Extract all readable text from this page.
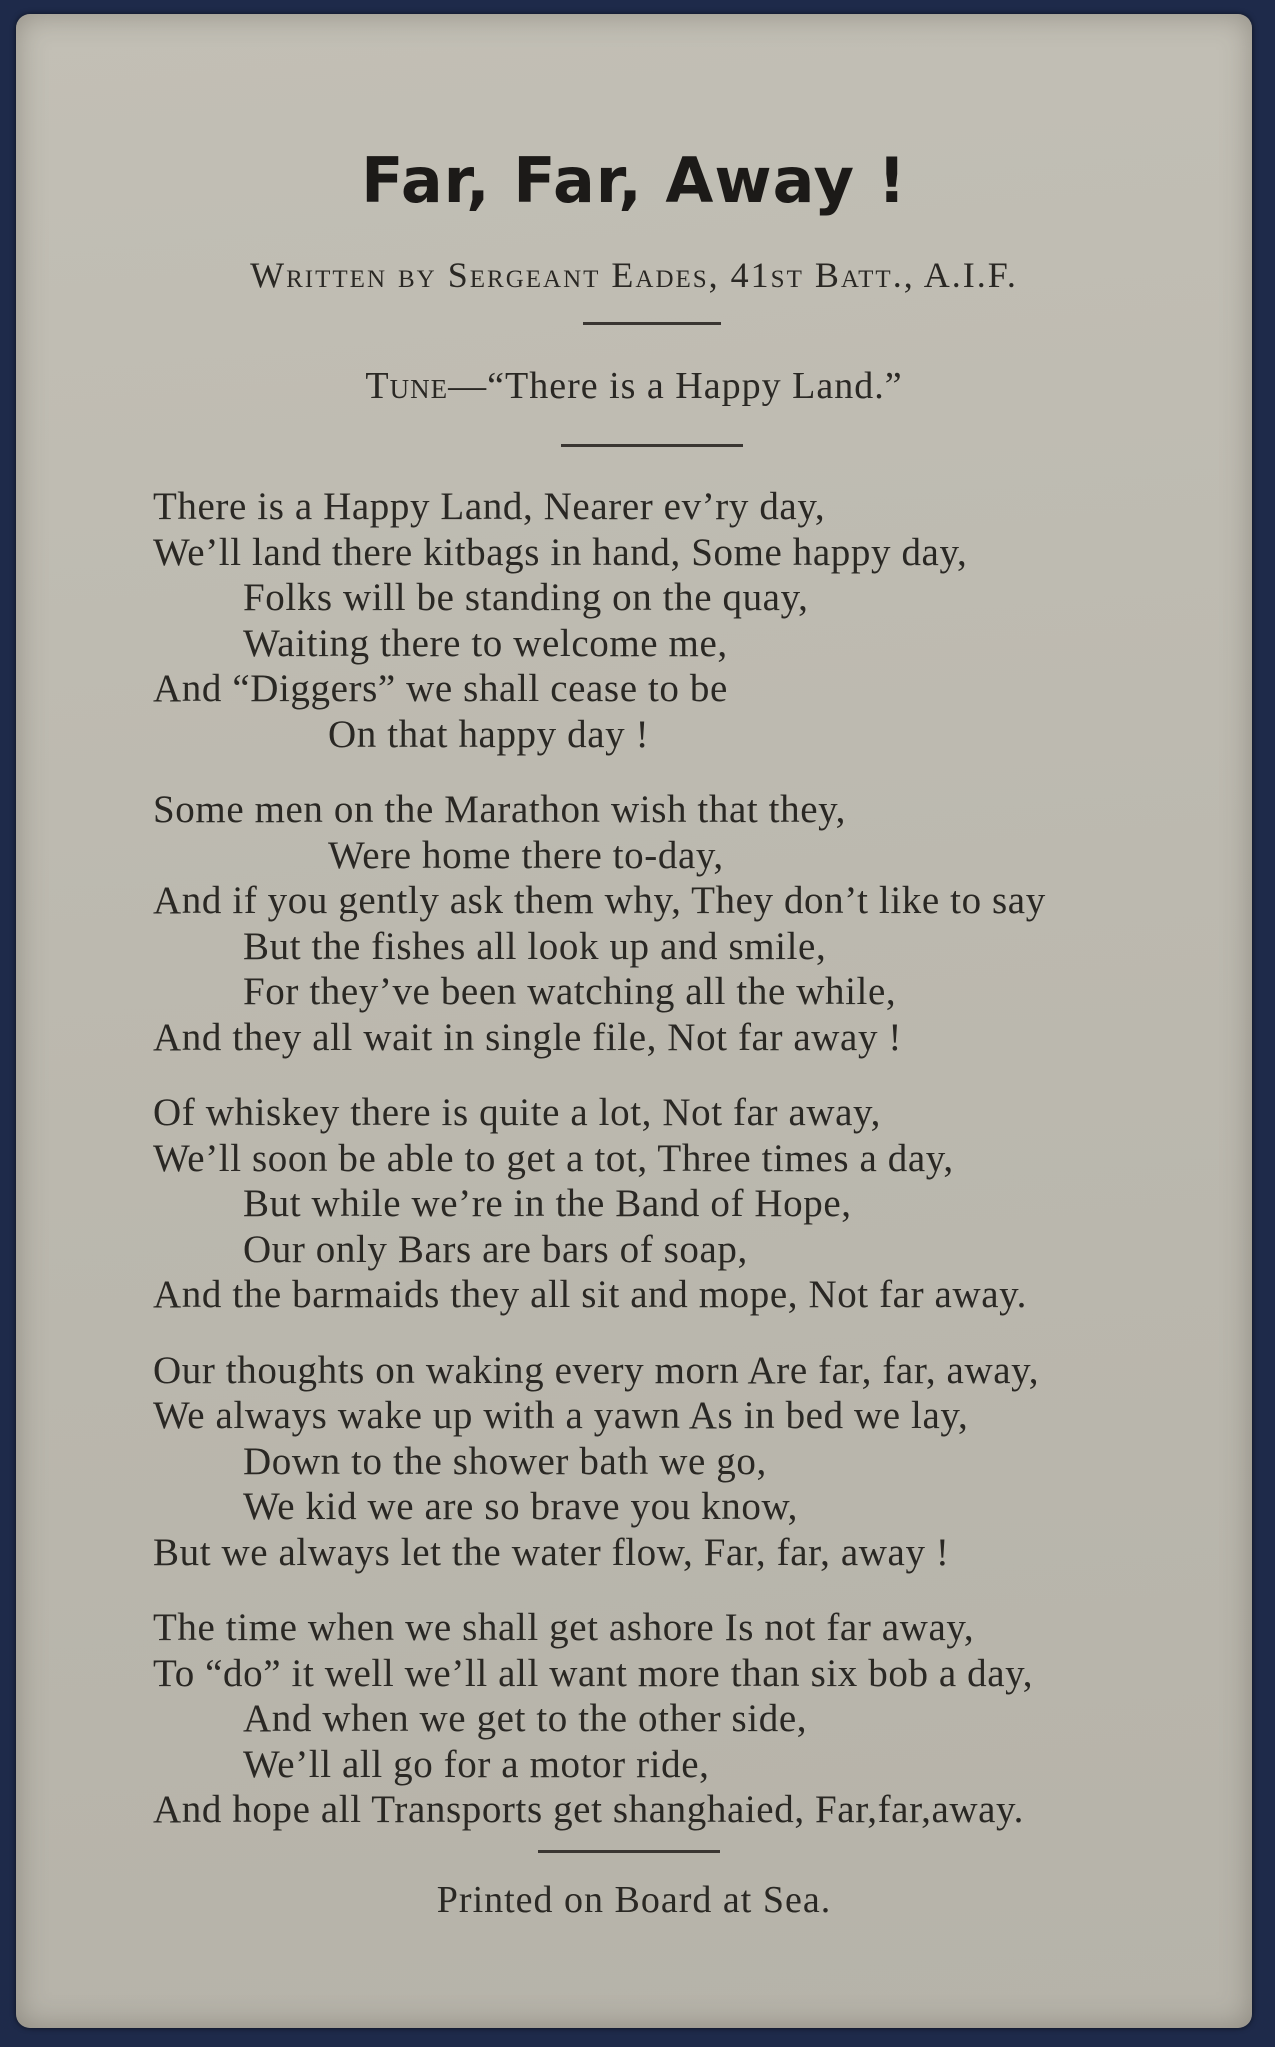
Far, Far, Away !
Written by Sergeant Eades, 41st Batt., A.I.F.
Tune—“There is a Happy Land.”
There is a Happy Land, Nearer ev’ry day,
We’ll land there kitbags in hand, Some happy day,
Folks will be standing on the quay,
Waiting there to welcome me,
And “Diggers” we shall cease to be
On that happy day !
Some men on the Marathon wish that they,
Were home there to-day,
And if you gently ask them why, They don’t like to say
But the fishes all look up and smile,
For they’ve been watching all the while,
And they all wait in single file, Not far away !
Of whiskey there is quite a lot, Not far away,
We’ll soon be able to get a tot, Three times a day,
But while we’re in the Band of Hope,
Our only Bars are bars of soap,
And the barmaids they all sit and mope, Not far away.
Our thoughts on waking every morn Are far, far, away,
We always wake up with a yawn As in bed we lay,
Down to the shower bath we go,
We kid we are so brave you know,
But we always let the water flow, Far, far, away !
The time when we shall get ashore Is not far away,
To “do” it well we’ll all want more than six bob a day,
And when we get to the other side,
We’ll all go for a motor ride,
And hope all Transports get shanghaied, Far,far,away.
Printed on Board at Sea.
